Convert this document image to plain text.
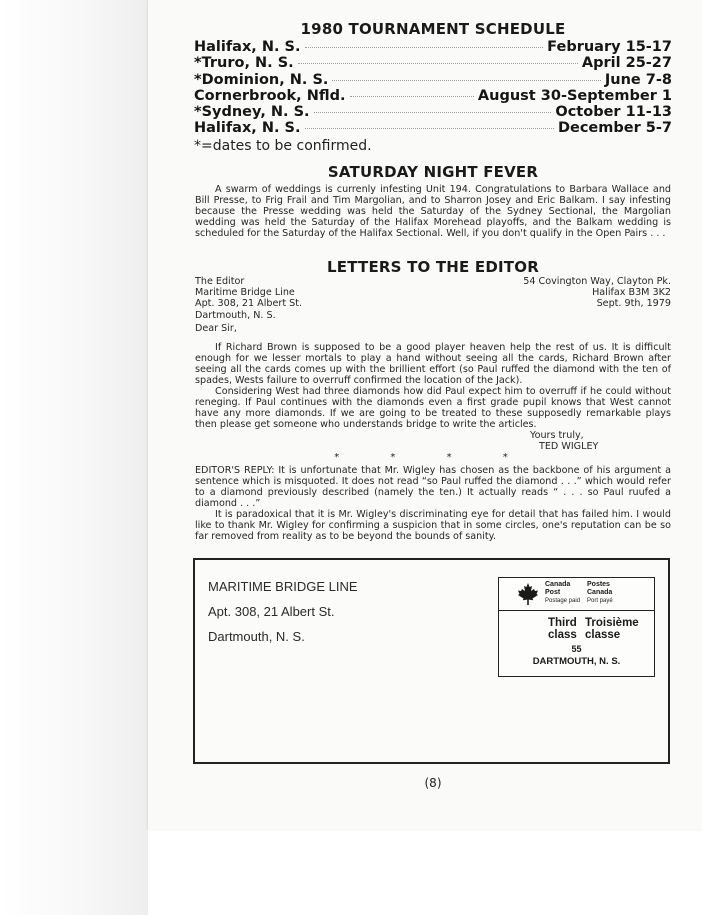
1980 TOURNAMENT SCHEDULE
Halifax, N. S.	February 15-17
*Truro, N. S.	April 25-27
*Dominion, N. S.	June 7-8
Cornerbrook, Nfld.	August 30-September 1
*Sydney, N. S.	October 11-13
Halifax, N. S.	December 5-7
*=dates to be confirmed.
SATURDAY NIGHT FEVER

A swarm of weddings is currenly infesting Unit 194. Congratulations to Barbara Wallace and Bill Presse, to Frig Frail and Tim Margolian, and to Sharron Josey and Eric Balkam. I say infesting because the Presse wedding was held the Saturday of the Sydney Sectional, the Margolian wedding was held the Saturday of the Halifax Morehead playoffs, and the Balkam wedding is scheduled for the Saturday of the Halifax Sectional. Well, if you don't qualify in the Open Pairs . . .

LETTERS TO THE EDITOR
The Editor
Maritime Bridge Line
Apt. 308, 21 Albert St.
Dartmouth, N. S.
54 Covington Way, Clayton Pk.
Halifax B3M 3K2
Sept. 9th, 1979
Dear Sir,

If Richard Brown is supposed to be a good player heaven help the rest of us. It is difficult enough for we lesser mortals to play a hand without seeing all the cards, Richard Brown after seeing all the cards comes up with the brillient effort (so Paul ruffed the diamond with the ten of spades, Wests failure to overruff confirmed the location of the Jack).

Considering West had three diamonds how did Paul expect him to overruff if he could without reneging. If Paul continues with the diamonds even a first grade pupil knows that West cannot have any more diamonds. If we are going to be treated to these supposedly remarkable plays then please get someone who understands bridge to write the articles.

Yours truly,
TED WIGLEY
* * * *

EDITOR'S REPLY: It is unfortunate that Mr. Wigley has chosen as the backbone of his argument a sentence which is misquoted. It does not read “so Paul ruffed the diamond . . .” which would refer to a diamond previously described (namely the ten.) It actually reads “ . . . so Paul ruufed a diamond . . .”

It is paradoxical that it is Mr. Wigley's discriminating eye for detail that has failed him. I would like to thank Mr. Wigley for confirming a suspicion that in some circles, one's reputation can be so far removed from reality as to be beyond the bounds of sanity.

MARITIME BRIDGE LINE
Apt. 308, 21 Albert St.
Dartmouth, N. S.
Canada
Post
Postage paid
Postes
Canada
Port payé
Third
class
Troisième
classe
55
DARTMOUTH, N. S.
(8)
